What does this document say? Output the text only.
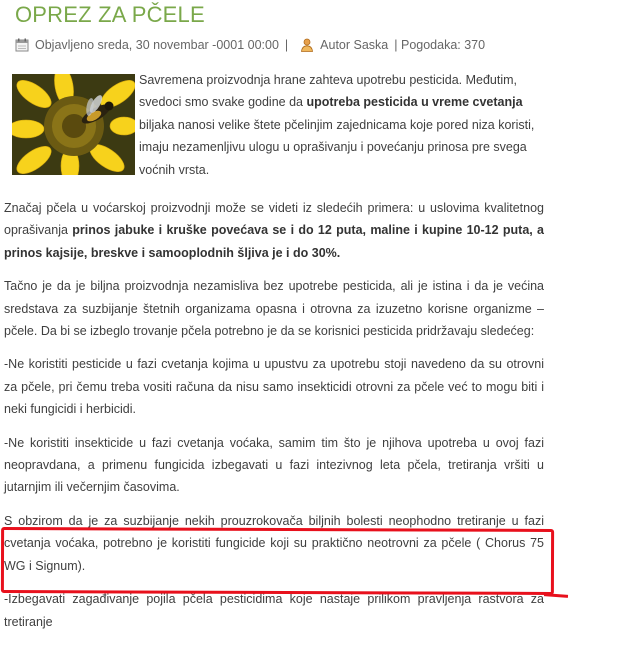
OPREZ ZA PČELE
Objavljeno sreda, 30 novembar -0001 00:00 |	Autor Saska | Pogodaka: 370

Savremena proizvodnja hrane zahteva upotrebu pesticida. Međutim, svedoci smo svake godine da upotreba pesticida u vreme cvetanja biljaka nanosi velike štete pčelinjim zajednicama koje pored niza koristi, imaju nezamenljivu ulogu u oprašivanju i povećanju prinosa pre svega voćnih vrsta.

Značaj pčela u voćarskoj proizvodnji može se videti iz sledećih primera: u uslovima kvalitetnog oprašivanja prinos jabuke i kruške povećava se i do 12 puta, maline i kupine 10-12 puta, a prinos kajsije, breskve i samooplodnih šljiva je i do 30%.

Tačno je da je biljna proizvodnja nezamisliva bez upotrebe pesticida, ali je istina i da je većina sredstava za suzbijanje štetnih organizama opasna i otrovna za izuzetno korisne organizme – pčele. Da bi se izbeglo trovanje pčela potrebno je da se korisnici pesticida pridržavaju sledećeg:

-Ne koristiti pesticide u fazi cvetanja kojima u upustvu za upotrebu stoji navedeno da su otrovni za pčele, pri čemu treba vositi računa da nisu samo insekticidi otrovni za pčele već to mogu biti i neki fungicidi i herbicidi.

-Ne koristiti insekticide u fazi cvetanja voćaka, samim tim što je njihova upotreba u ovoj fazi neopravdana, a primenu fungicida izbegavati u fazi intezivnog leta pčela, tretiranja vršiti u jutarnjim ili večernjim časovima.

S obzirom da je za suzbijanje nekih prouzrokovača biljnih bolesti neophodno tretiranje u fazi cvetanja voćaka, potrebno je koristiti fungicide koji su praktično neotrovni za pčele ( Chorus 75 WG i Signum).

-Izbegavati zagađivanje pojila pčela pesticidima koje nastaje prilikom pravljenja rastvora za tretiranje
